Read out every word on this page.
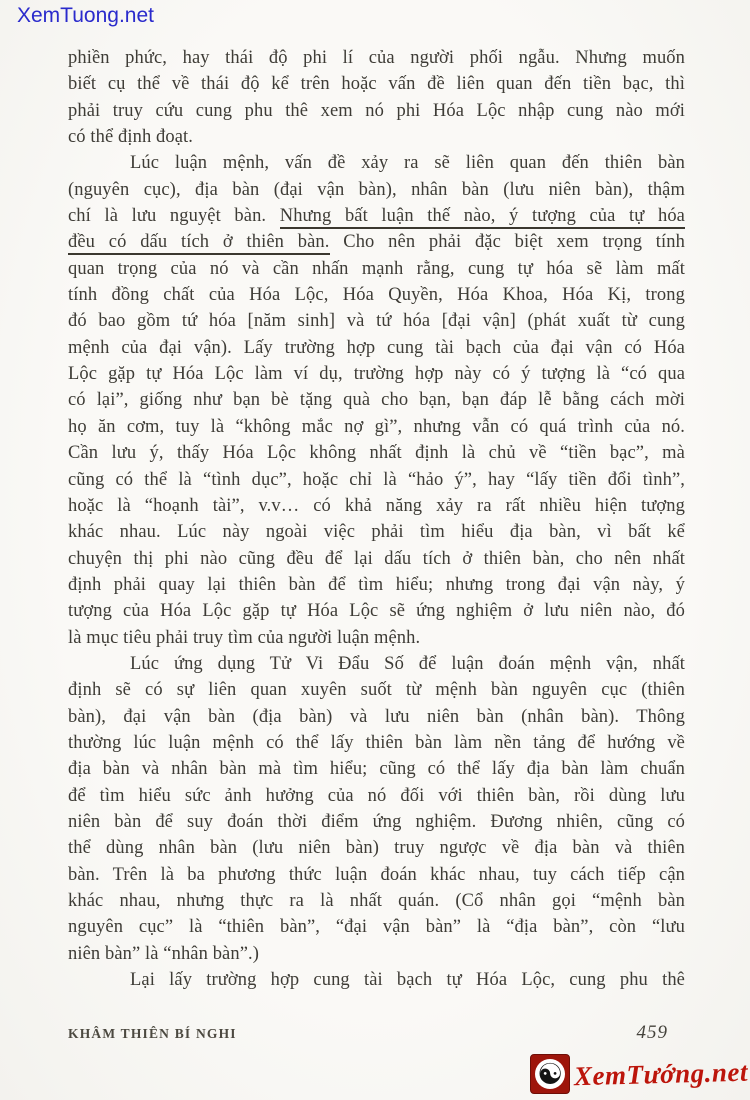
XemTuong.net
phiền phức, hay thái độ phi lí của người phối ngẫu. Nhưng muốn
biết cụ thể về thái độ kể trên hoặc vấn đề liên quan đến tiền bạc, thì
phải truy cứu cung phu thê xem nó phi Hóa Lộc nhập cung nào mới
có thể định đoạt.
Lúc luận mệnh, vấn đề xảy ra sẽ liên quan đến thiên bàn
(nguyên cục), địa bàn (đại vận bàn), nhân bàn (lưu niên bàn), thậm
chí là lưu nguyệt bàn. Nhưng bất luận thế nào, ý tượng của tự hóa
đều có dấu tích ở thiên bàn. Cho nên phải đặc biệt xem trọng tính
quan trọng của nó và cần nhấn mạnh rằng, cung tự hóa sẽ làm mất
tính đồng chất của Hóa Lộc, Hóa Quyền, Hóa Khoa, Hóa Kị, trong
đó bao gồm tứ hóa [năm sinh] và tứ hóa [đại vận] (phát xuất từ cung
mệnh của đại vận). Lấy trường hợp cung tài bạch của đại vận có Hóa
Lộc gặp tự Hóa Lộc làm ví dụ, trường hợp này có ý tượng là “có qua
có lại”, giống như bạn bè tặng quà cho bạn, bạn đáp lễ bằng cách mời
họ ăn cơm, tuy là “không mắc nợ gì”, nhưng vẫn có quá trình của nó.
Cần lưu ý, thấy Hóa Lộc không nhất định là chủ về “tiền bạc”, mà
cũng có thể là “tình dục”, hoặc chỉ là “hảo ý”, hay “lấy tiền đổi tình”,
hoặc là “hoạnh tài”, v.v… có khả năng xảy ra rất nhiều hiện tượng
khác nhau. Lúc này ngoài việc phải tìm hiểu địa bàn, vì bất kể
chuyện thị phi nào cũng đều để lại dấu tích ở thiên bàn, cho nên nhất
định phải quay lại thiên bàn để tìm hiểu; nhưng trong đại vận này, ý
tượng của Hóa Lộc gặp tự Hóa Lộc sẽ ứng nghiệm ở lưu niên nào, đó
là mục tiêu phải truy tìm của người luận mệnh.
Lúc ứng dụng Tử Vi Đẩu Số để luận đoán mệnh vận, nhất
định sẽ có sự liên quan xuyên suốt từ mệnh bàn nguyên cục (thiên
bàn), đại vận bàn (địa bàn) và lưu niên bàn (nhân bàn). Thông
thường lúc luận mệnh có thể lấy thiên bàn làm nền tảng để hướng về
địa bàn và nhân bàn mà tìm hiểu; cũng có thể lấy địa bàn làm chuẩn
để tìm hiểu sức ảnh hưởng của nó đối với thiên bàn, rồi dùng lưu
niên bàn để suy đoán thời điểm ứng nghiệm. Đương nhiên, cũng có
thể dùng nhân bàn (lưu niên bàn) truy ngược về địa bàn và thiên
bàn. Trên là ba phương thức luận đoán khác nhau, tuy cách tiếp cận
khác nhau, nhưng thực ra là nhất quán. (Cổ nhân gọi “mệnh bàn
nguyên cục” là “thiên bàn”, “đại vận bàn” là “địa bàn”, còn “lưu
niên bàn” là “nhân bàn”.)
Lại lấy trường hợp cung tài bạch tự Hóa Lộc, cung phu thê
KHÂM THIÊN BÍ NGHI	459
☯ XemTướng.net
